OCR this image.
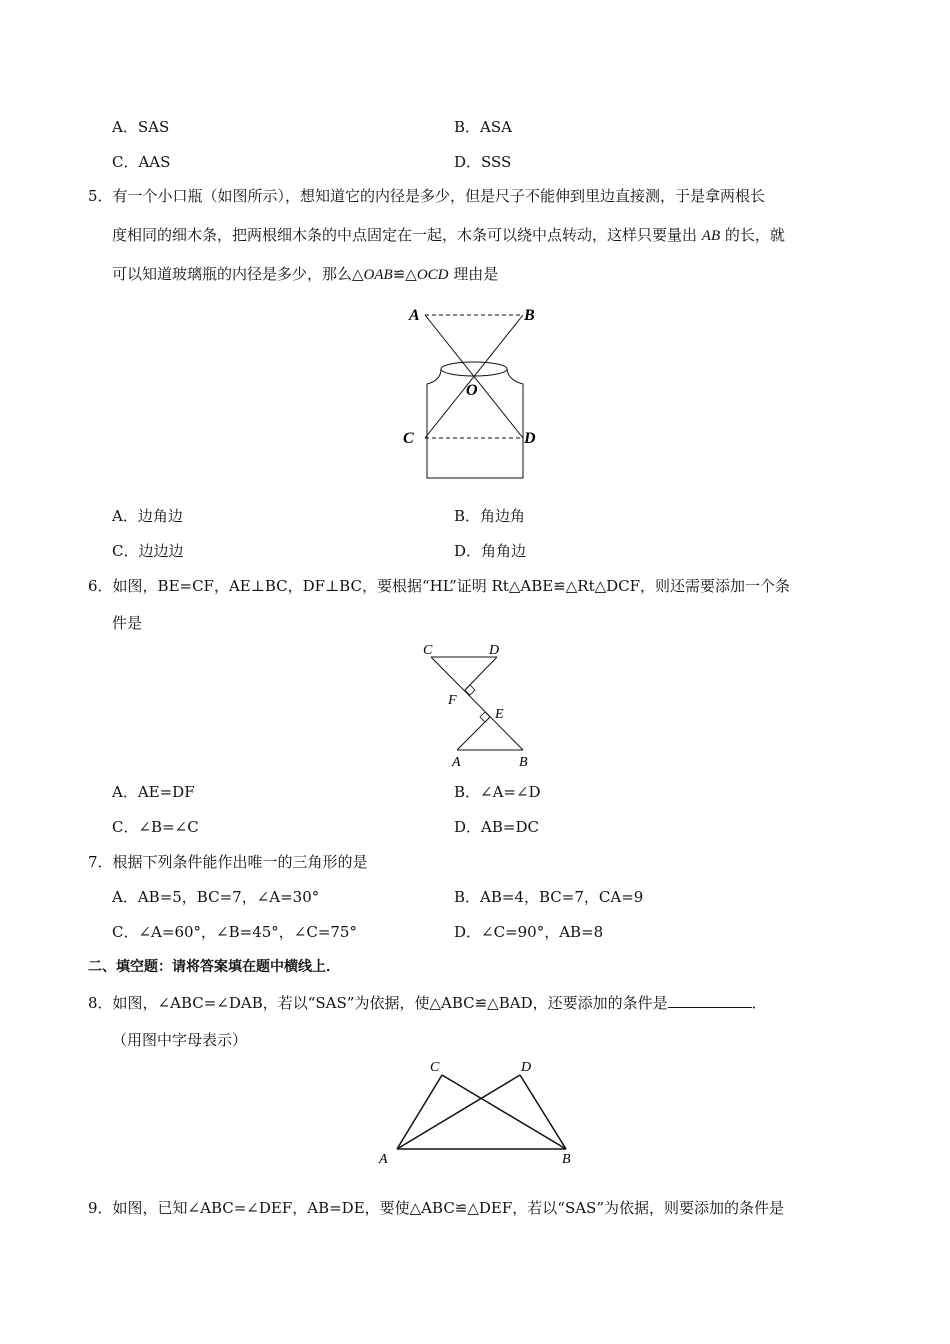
A．SAS	B．ASA
C．AAS	D．SSS
5．有一个小口瓶（如图所示），想知道它的内径是多少，但是尺子不能伸到里边直接测，于是拿两根长
度相同的细木条，把两根细木条的中点固定在一起，木条可以绕中点转动，这样只要量出 AB 的长，就
可以知道玻璃瓶的内径是多少，那么△OAB≌△OCD 理由是
A	B
O
C	D
A．边角边	B．角边角
C．边边边	D．角角边
6．如图，BE=CF，AE⊥BC，DF⊥BC，要根据“HL”证明 Rt△ABE≌△Rt△DCF，则还需要添加一个条
件是
C	D
F
E
A	B
A．AE=DF	B．∠A=∠D
C．∠B=∠C	D．AB=DC
7．根据下列条件能作出唯一的三角形的是
A．AB=5，BC=7，∠A=30°	B．AB=4，BC=7，CA=9
C．∠A=60°，∠B=45°，∠C=75°	D．∠C=90°，AB=8
二、填空题：请将答案填在题中横线上．
8．如图，∠ABC=∠DAB，若以“SAS”为依据，使△ABC≌△BAD，还要添加的条件是	．
（用图中字母表示）
C	D
A	B
9．如图，已知∠ABC=∠DEF，AB=DE，要使△ABC≌△DEF，若以“SAS”为依据，则要添加的条件是
